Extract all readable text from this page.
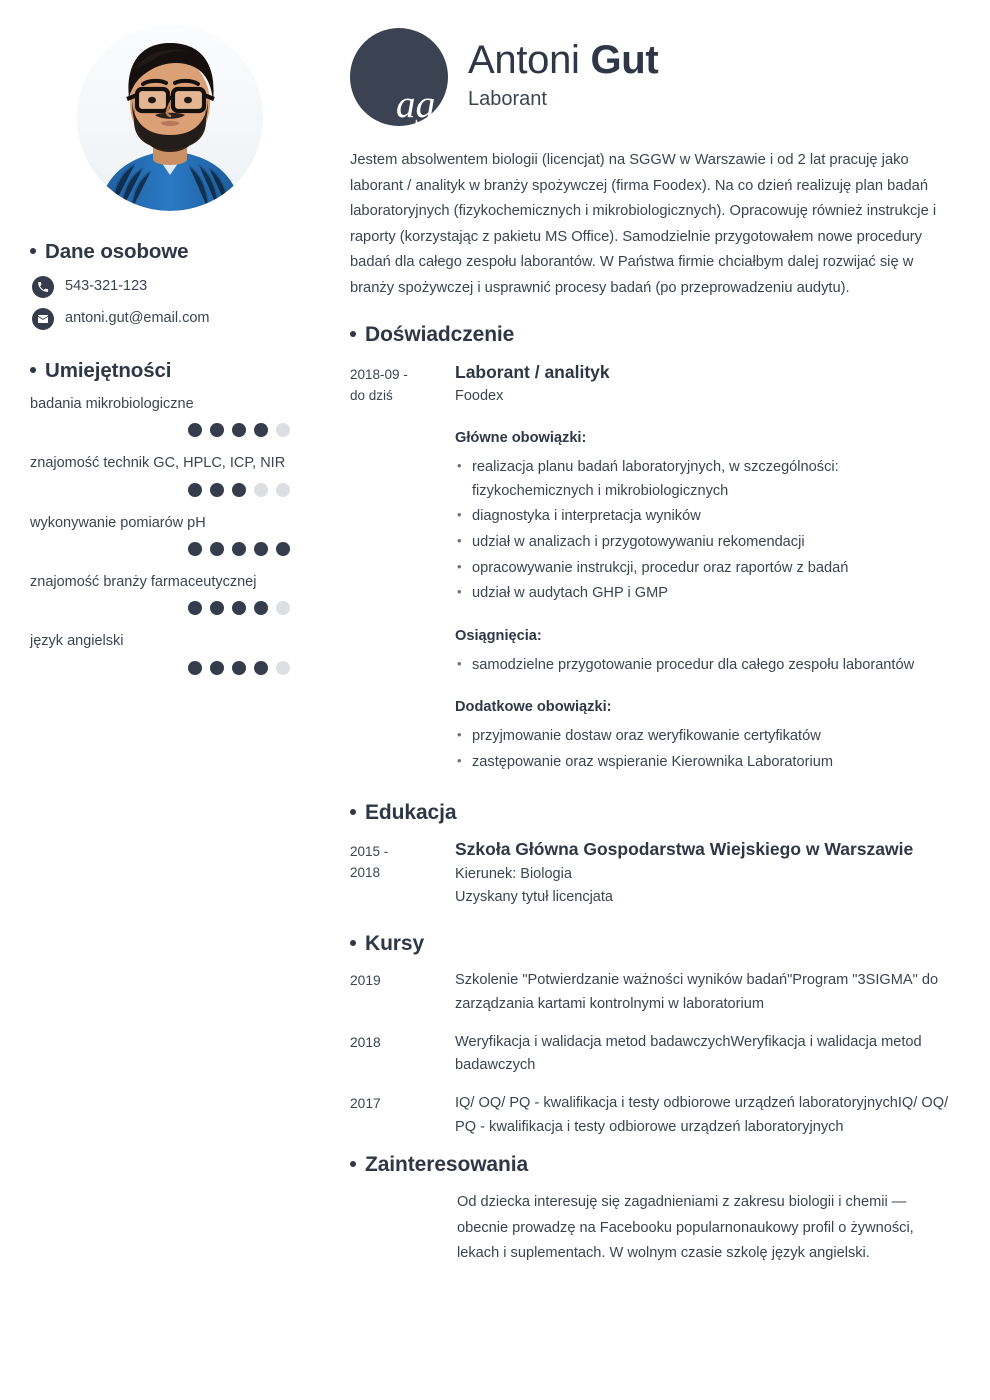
Dane osobowe
543-321-123
antoni.gut@email.com
Umiejętności
badania mikrobiologiczne
znajomość technik GC, HPLC, ICP, NIR
wykonywanie pomiarów pH
znajomość branży farmaceutycznej
język angielski
ag
Antoni Gut
Laborant
Jestem absolwentem biologii (licencjat) na SGGW w Warszawie i od 2 lat pracuję jako laborant / analityk w branży spożywczej (firma Foodex). Na co dzień realizuję plan badań laboratoryjnych (fizykochemicznych i mikrobiologicznych). Opracowuję również instrukcje i raporty (korzystając z pakietu MS Office). Samodzielnie przygotowałem nowe procedury badań dla całego zespołu laborantów. W Państwa firmie chciałbym dalej rozwijać się w branży spożywczej i usprawnić procesy badań (po przeprowadzeniu audytu).
Doświadczenie
2018-09 -
do dziś
Laborant / analityk
Foodex
Główne obowiązki:
• realizacja planu badań laboratoryjnych, w szczególności: fizykochemicznych i mikrobiologicznych
• diagnostyka i interpretacja wyników
• udział w analizach i przygotowywaniu rekomendacji
• opracowywanie instrukcji, procedur oraz raportów z badań
• udział w audytach GHP i GMP
Osiągnięcia:
• samodzielne przygotowanie procedur dla całego zespołu laborantów
Dodatkowe obowiązki:
• przyjmowanie dostaw oraz weryfikowanie certyfikatów
• zastępowanie oraz wspieranie Kierownika Laboratorium
Edukacja
2015 -
2018
Szkoła Główna Gospodarstwa Wiejskiego w Warszawie
Kierunek: Biologia
Uzyskany tytuł licencjata
Kursy
2019	Szkolenie "Potwierdzanie ważności wyników badań"Program "3SIGMA" do zarządzania kartami kontrolnymi w laboratorium
2018	Weryfikacja i walidacja metod badawczychWeryfikacja i walidacja metod badawczych
2017	IQ/ OQ/ PQ - kwalifikacja i testy odbiorowe urządzeń laboratoryjnychIQ/ OQ/ PQ - kwalifikacja i testy odbiorowe urządzeń laboratoryjnych
Zainteresowania
Od dziecka interesuję się zagadnieniami z zakresu biologii i chemii — obecnie prowadzę na Facebooku popularnonaukowy profil o żywności, lekach i suplementach. W wolnym czasie szkolę język angielski.
